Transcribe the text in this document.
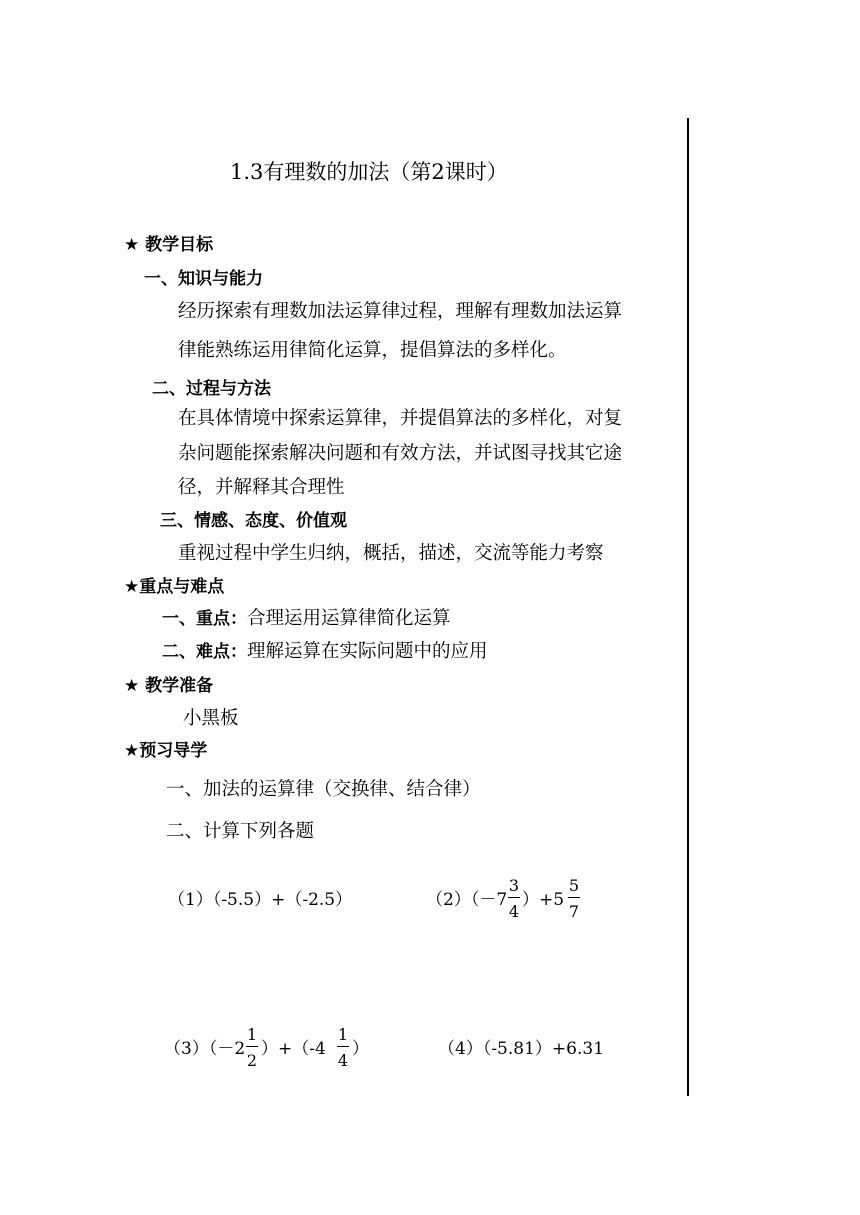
1.3有理数的加法（第2课时）
★ 教学目标
一、知识与能力
经历探索有理数加法运算律过程，理解有理数加法运算
律能熟练运用律简化运算，提倡算法的多样化。
二、过程与方法
在具体情境中探索运算律，并提倡算法的多样化，对复
杂问题能探索解决问题和有效方法，并试图寻找其它途
径，并解释其合理性
三、情感、态度、价值观
重视过程中学生归纳，概括，描述，交流等能力考察
★重点与难点
一、重点：合理运用运算律简化运算
二、难点：理解运算在实际问题中的应用
★ 教学准备
小黑板
★预习导学
一、加法的运算律（交换律、结合律）
二、计算下列各题
（1）（-5.5）+（-2.5）	（2）（－7
3
4
）+5
5
7
（3）（－2
1
2
）+（-4
1
4
）	（4）（-5.81）+6.31
